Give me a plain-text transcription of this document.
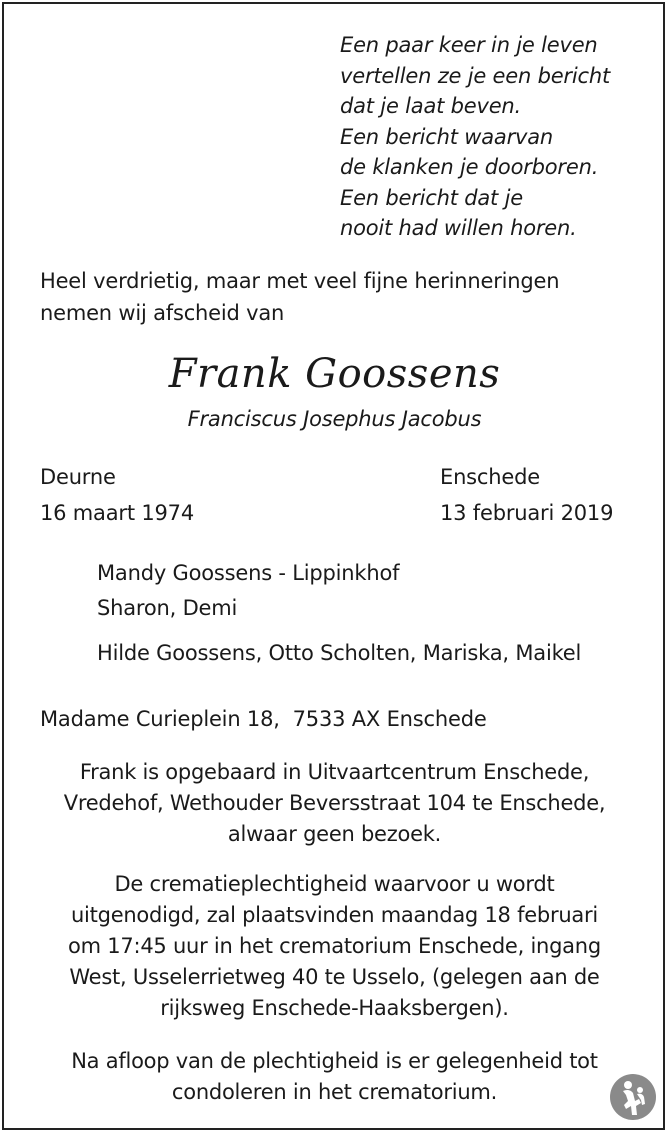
Een paar keer in je leven
vertellen ze je een bericht
dat je laat beven.
Een bericht waarvan
de klanken je doorboren.
Een bericht dat je
nooit had willen horen.
Heel verdrietig, maar met veel fijne herinneringen
nemen wij afscheid van
Frank Goossens
Franciscus Josephus Jacobus
Deurne
16 maart 1974
Enschede
13 februari 2019
Mandy Goossens - Lippinkhof
Sharon, Demi
Hilde Goossens, Otto Scholten, Mariska, Maikel
Madame Curieplein 18,  7533 AX Enschede
Frank is opgebaard in Uitvaartcentrum Enschede,
Vredehof, Wethouder Beversstraat 104 te Enschede,
alwaar geen bezoek.
De crematieplechtigheid waarvoor u wordt
uitgenodigd, zal plaatsvinden maandag 18 februari
om 17:45 uur in het crematorium Enschede, ingang
West, Usselerrietweg 40 te Usselo, (gelegen aan de
rijksweg Enschede-Haaksbergen).
Na afloop van de plechtigheid is er gelegenheid tot
condoleren in het crematorium.
